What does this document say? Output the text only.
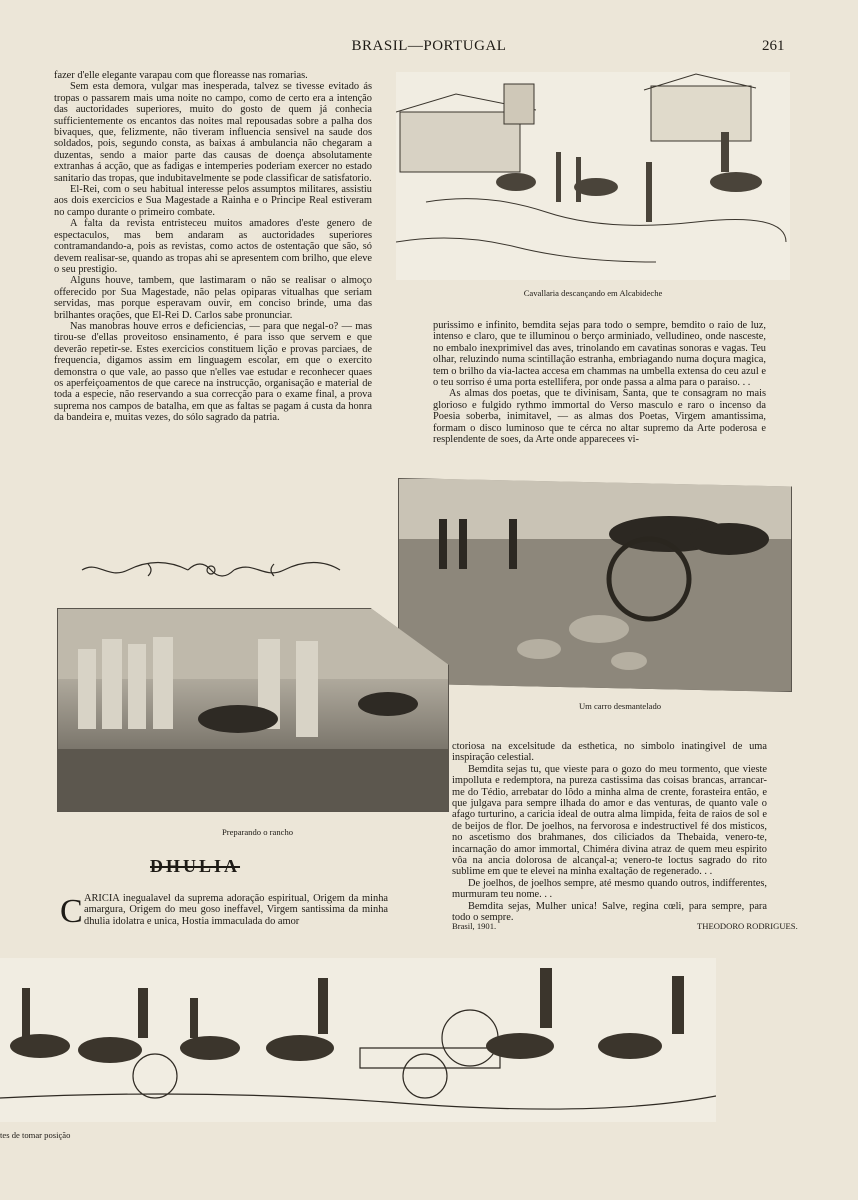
BRASIL—PORTUGAL	261

fazer d'elle elegante varapau com que floreasse nas romarias.

Sem esta demora, vulgar mas inesperada, talvez se tivesse evitado ás tropas o passarem mais uma noite no campo, como de certo era a intenção das auctoridades superiores, muito do gosto de quem já conhecia sufficientemente os encantos das noites mal repousadas sobre a palha dos bivaques, que, felizmente, não tiveram influencia sensivel na saude dos soldados, pois, segundo consta, as baixas á ambulancia não chegaram a duzentas, sendo a maior parte das causas de doença absolutamente extranhas á acção, que as fadigas e intemperies poderiam exercer no estado sanitario das tropas, que indubitavelmente se pode classificar de satisfatorio.

El-Rei, com o seu habitual interesse pelos assumptos militares, assistiu aos dois exercicios e Sua Magestade a Rainha e o Principe Real estiveram no campo durante o primeiro combate.

A falta da revista entristeceu muitos amadores d'este genero de espectaculos, mas bem andaram as auctoridades superiores contramandando-a, pois as revistas, como actos de ostentação que são, só devem realisar-se, quando as tropas ahi se apresentem com brilho, que eleve o seu prestigio.

Alguns houve, tambem, que lastimaram o não se realisar o almoço offerecido por Sua Magestade, não pelas opiparas vitualhas que seriam servidas, mas porque esperavam ouvir, em conciso brinde, uma das brilhantes orações, que El-Rei D. Carlos sabe pronunciar.

Nas manobras houve erros e deficiencias, — para que negal-o? — mas tirou-se d'ellas proveitoso ensinamento, é para isso que servem e que deverão repetir-se. Estes exercicios constituem lição e provas parciaes, de frequencia, digamos assim em linguagem escolar, em que o exercito demonstra o que vale, ao passo que n'elles vae estudar e reconhecer quaes os aperfeiçoamentos de que carece na instrucção, organisação e material de toda a especie, não reservando a sua correcção para o exame final, a prova suprema nos campos de batalha, em que as faltas se pagam á custa da honra da bandeira e, muitas vezes, do sólo sagrado da patria.

Cavallaria descançando em Alcabideche

purissimo e infinito, bemdita sejas para todo o sempre, bemdito o raio de luz, intenso e claro, que te illuminou o berço arminiado, velludineo, onde nasceste, no embalo inexprimivel das aves, trinolando em cavatinas sonoras e vagas. Teu olhar, reluzindo numa scintillação estranha, embriagando numa doçura magica, tem o brilho da via-lactea accesa em chammas na umbella extensa do ceu azul e o teu sorriso é uma porta estellifera, por onde passa a alma para o paraiso. . .

As almas dos poetas, que te divinisam, Santa, que te consagram no mais glorioso e fulgido rythmo immortal do Verso masculo e raro o incenso da Poesia soberba, inimitavel, — as almas dos Poetas, Virgem amantissima, formam o disco luminoso que te cérca no altar supremo da Arte poderosa e resplendente de soes, da Arte onde apparecees vi-

Um carro desmantelado
Preparando o rancho
DHULIA
C ARICIA inegualavel da suprema adoração espiritual, Origem da minha amargura, Origem do meu goso ineffavel, Virgem santissima da minha dhulia idolatra e unica, Hostia immaculada do amor

ctoriosa na excelsitude da esthetica, no simbolo inatingivel de uma inspiração celestial.

Bemdita sejas tu, que vieste para o gozo do meu tormento, que vieste impolluta e redemptora, na pureza castissima das coisas brancas, arrancar-me do Tédio, arrebatar do lôdo a minha alma de crente, forasteira então, e que julgava para sempre ilhada do amor e das venturas, de quanto vale o afago turturino, a caricia ideal de outra alma limpida, feita de raios de sol e de beijos de flor. De joelhos, na fervorosa e indestructivel fé dos misticos, no ascetismo dos brahmanes, dos ciliciados da Thebaida, venero-te, incarnação do amor immortal, Chiméra divina atraz de quem meu espirito vôa na ancia dolorosa de alcançal-a; venero-te loctus sagrado do rito sublime em que te elevei na minha exaltação de regenerado. . .

De joelhos, de joelhos sempre, até mesmo quando outros, indifferentes, murmuram teu nome. . .

Bemdita sejas, Mulher unica! Salve, regina cœli, para sempre, para todo o sempre.

Brasil, 1901.	THEODORO RODRIGUES.
tes de tomar posição
